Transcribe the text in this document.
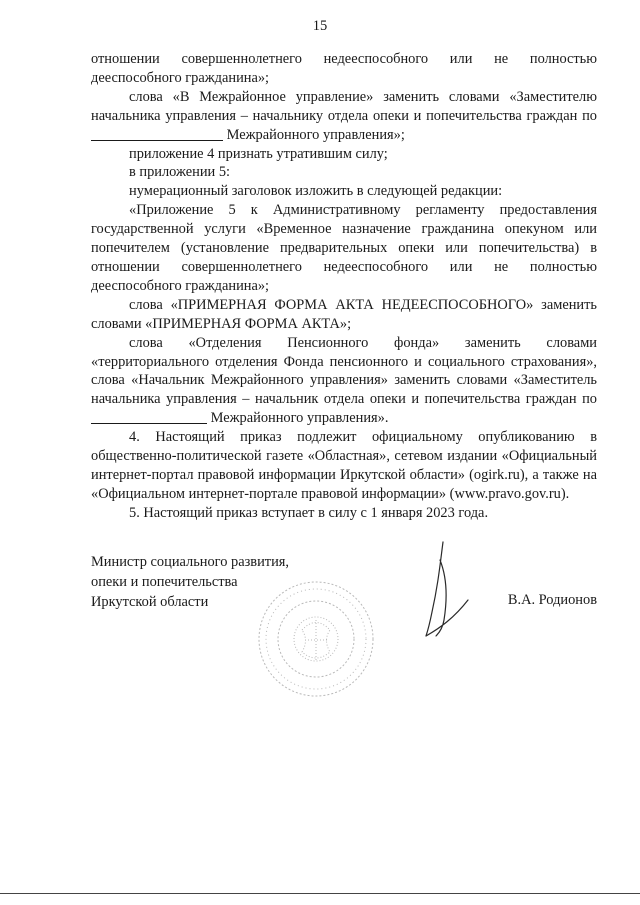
15

отношении совершеннолетнего недееспособного или не полностью дееспособного гражданина»;

слова «В Межрайонное управление» заменить словами «Заместителю начальника управления – начальнику отдела опеки и попечительства граждан по  Межрайонного управления»;

приложение 4 признать утратившим силу;

в приложении 5:

нумерационный заголовок изложить в следующей редакции:

«Приложение 5 к Административному регламенту предоставления государственной услуги «Временное назначение гражданина опекуном или попечителем (установление предварительных опеки или попечительства) в отношении совершеннолетнего недееспособного или не полностью дееспособного гражданина»;

слова «ПРИМЕРНАЯ ФОРМА АКТА НЕДЕЕСПОСОБНОГО» заменить словами «ПРИМЕРНАЯ ФОРМА АКТА»;

слова «Отделения Пенсионного фонда» заменить словами «территориального отделения Фонда пенсионного и социального страхования», слова «Начальник Межрайонного управления» заменить словами «Заместитель начальника управления – начальник отдела опеки и попечительства граждан по  Межрайонного управления».

4. Настоящий приказ подлежит официальному опубликованию в общественно-политической газете «Областная», сетевом издании «Официальный интернет-портал правовой информации Иркутской области» (ogirk.ru), а также на «Официальном интернет-портале правовой информации» (www.pravo.gov.ru).

5. Настоящий приказ вступает в силу с 1 января 2023 года.

Министр социального развития,
опеки и попечительства
Иркутской области	В.А. Родионов
